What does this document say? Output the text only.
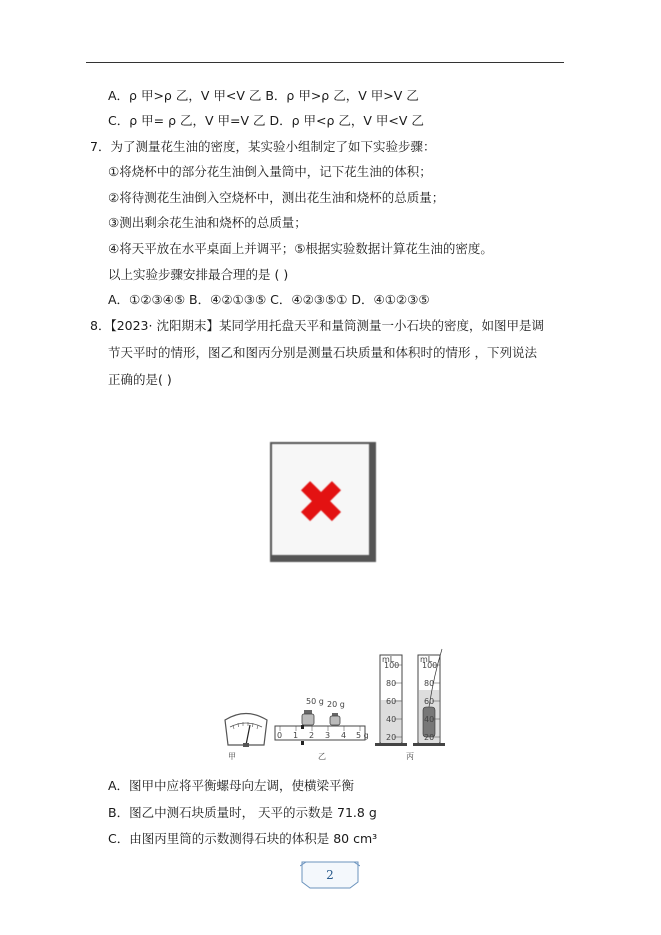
A．ρ 甲>ρ 乙，V 甲<V 乙 B．ρ 甲>ρ 乙，V 甲>V 乙
C．ρ 甲= ρ 乙，V 甲=V 乙 D．ρ 甲<ρ 乙，V 甲<V 乙
7．为了测量花生油的密度，某实验小组制定了如下实验步骤：
①将烧杯中的部分花生油倒入量筒中，记下花生油的体积；
②将待测花生油倒入空烧杯中，测出花生油和烧杯的总质量；
③测出剩余花生油和烧杯的总质量；
④将天平放在水平桌面上并调平；⑤根据实验数据计算花生油的密度。
以上实验步骤安排最合理的是 ( )
A．①②③④⑤ B．④②①③⑤ C．④②③⑤① D．④①②③⑤
8．【2023· 沈阳期末】某同学用托盘天平和量筒测量一小石块的密度，如图甲是调
节天平时的情形，图乙和图丙分别是测量石块质量和体积时的情形 ，下列说法
正确的是( )
✖
50 g 20 g
0 1 2 3 4 5 g
mL
100
80
60
40
20
mL
100
80
60
40
20
甲	乙	丙
A．图甲中应将平衡螺母向左调，使横梁平衡
B．图乙中测石块质量时， 天平的示数是 71.8 g
C．由图丙里筒的示数测得石块的体积是 80 cm³
2
